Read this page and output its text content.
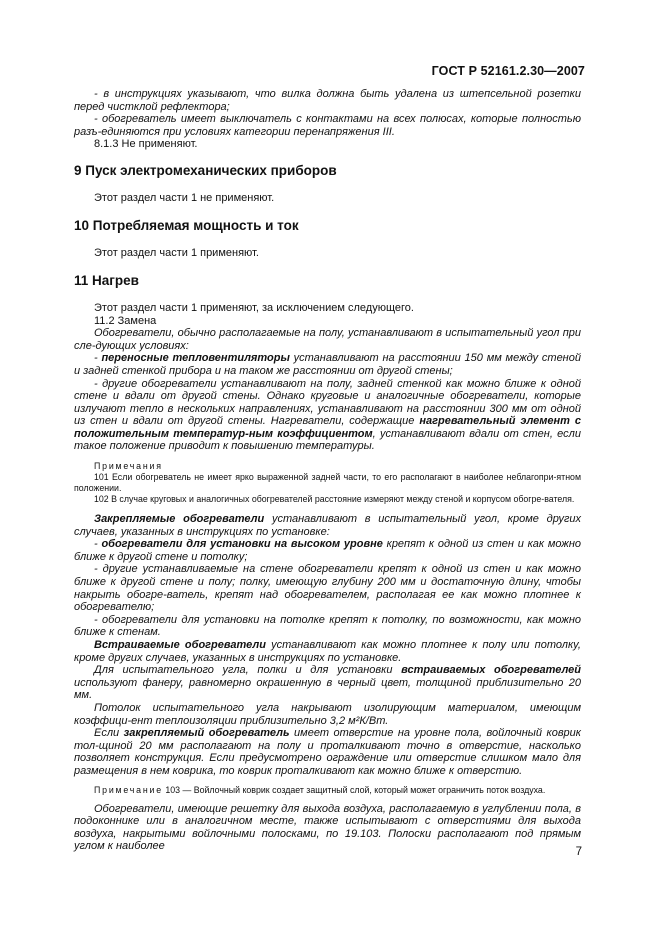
ГОСТ Р 52161.2.30—2007

- в инструкциях указывают, что вилка должна быть удалена из штепсельной розетки перед чистклой рефлектора;

- обогреватель имеет выключатель с контактами на всех полюсах, которые полностью разъ-единяются при условиях категории перенапряжения III.

8.1.3 Не применяют.

9 Пуск электромеханических приборов

Этот раздел части 1 не применяют.

10 Потребляемая мощность и ток

Этот раздел части 1 применяют.

11 Нагрев

Этот раздел части 1 применяют, за исключением следующего.

11.2 Замена

Обогреватели, обычно располагаемые на полу, устанавливают в испытательный угол при сле-дующих условиях:

- переносные тепловентиляторы устанавливают на расстоянии 150 мм между стеной и задней стенкой прибора и на таком же расстоянии от другой стены;

- другие обогреватели устанавливают на полу, задней стенкой как можно ближе к одной стене и вдали от другой стены. Однако круговые и аналогичные обогреватели, которые излучают тепло в нескольких направлениях, устанавливают на расстоянии 300 мм от одной из стен и вдали от другой стены. Нагреватели, содержащие нагревательный элемент с положительным температур-ным коэффициентом, устанавливают вдали от стен, если такое положение приводит к повышению температуры.

Примечания
101 Если обогреватель не имеет ярко выраженной задней части, то его располагают в наиболее неблагопри-ятном положении.
102 В случае круговых и аналогичных обогревателей расстояние измеряют между стеной и корпусом обогре-вателя.

Закрепляемые обогреватели устанавливают в испытательный угол, кроме других случаев, указанных в инструкциях по установке:

- обогреватели для установки на высоком уровне крепят к одной из стен и как можно ближе к другой стене и потолку;

- другие устанавливаемые на стене обогреватели крепят к одной из стен и как можно ближе к другой стене и полу; полку, имеющую глубину 200 мм и достаточную длину, чтобы накрыть обогре-ватель, крепят над обогревателем, располагая ее как можно плотнее к обогревателю;

- обогреватели для установки на потолке крепят к потолку, по возможности, как можно ближе к стенам.

Встраиваемые обогреватели устанавливают как можно плотнее к полу или потолку, кроме других случаев, указанных в инструкциях по установке.

Для испытательного угла, полки и для установки встраиваемых обогревателей используют фанеру, равномерно окрашенную в черный цвет, толщиной приблизительно 20 мм.

Потолок испытательного угла накрывают изолирующим материалом, имеющим коэффици-ент теплоизоляции приблизительно 3,2 м²К/Вт.

Если закрепляемый обогреватель имеет отверстие на уровне пола, войлочный коврик тол-щиной 20 мм располагают на полу и проталкивают точно в отверстие, насколько позволяет конструкция. Если предусмотрено ограждение или отверстие слишком мало для размещения в нем коврика, то коврик проталкивают как можно ближе к отверстию.

Примечание 103 — Войлочный коврик создает защитный слой, который может ограничить поток воздуха.

Обогреватели, имеющие решетку для выхода воздуха, располагаемую в углублении пола, в подоконнике или в аналогичном месте, также испытывают с отверстиями для выхода воздуха, накрытыми войлочными полосками, по 19.103. Полоски располагают под прямым углом к наиболее	7
